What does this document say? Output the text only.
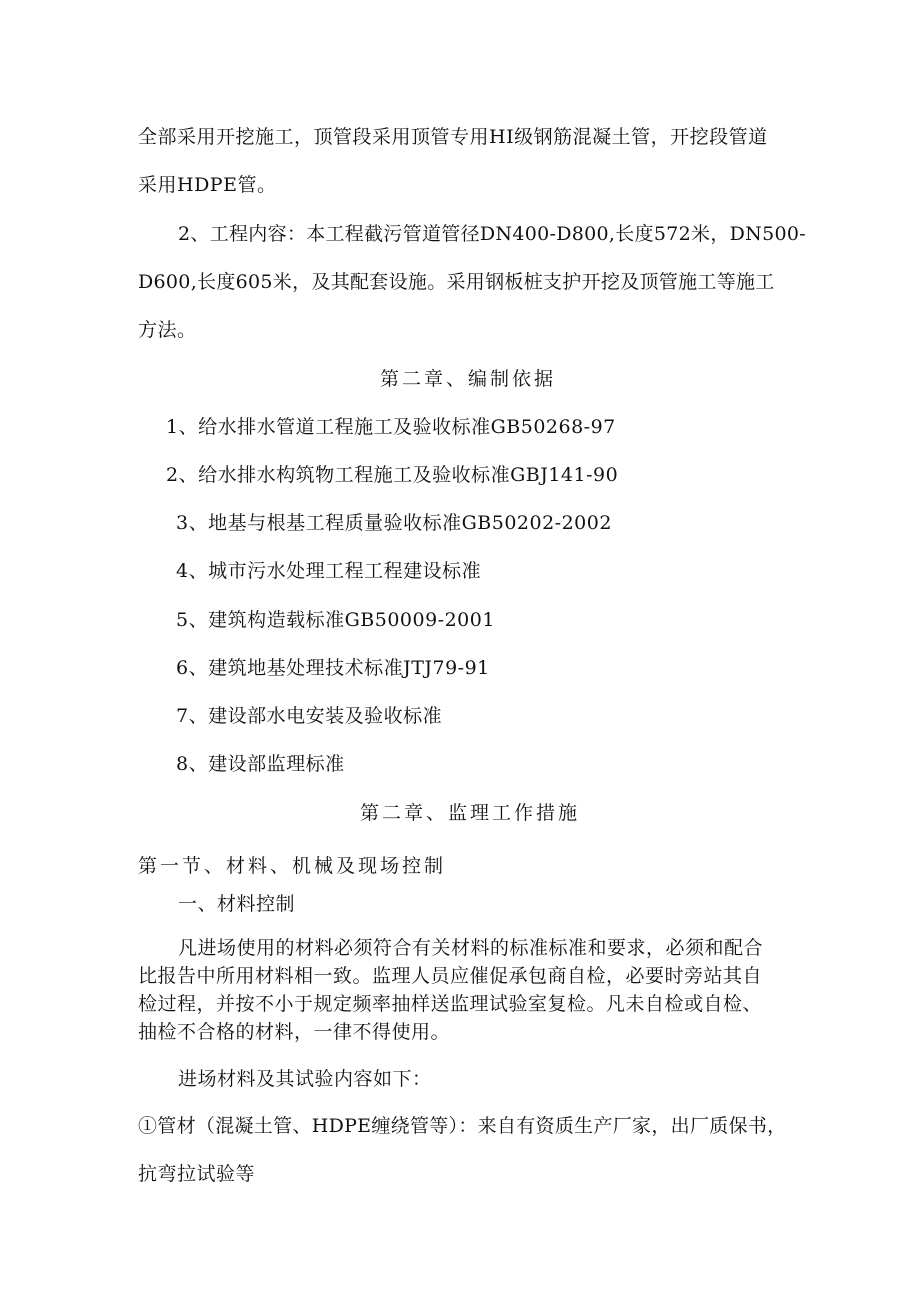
全部采用开挖施工，顶管段采用顶管专用HI级钢筋混凝土管，开挖段管道
采用HDPE管。
2、工程内容：本工程截污管道管径DN400-D800,长度572米，DN500-
D600,长度605米，及其配套设施。采用钢板桩支护开挖及顶管施工等施工
方法。
第二章、编制依据
1、给水排水管道工程施工及验收标准GB50268-97
2、给水排水构筑物工程施工及验收标准GBJ141-90
3、地基与根基工程质量验收标准GB50202-2002
4、城市污水处理工程工程建设标准
5、建筑构造载标准GB50009-2001
6、建筑地基处理技术标准JTJ79-91
7、建设部水电安装及验收标准
8、建设部监理标准
第二章、监理工作措施
第一节、材料、机械及现场控制
一、材料控制
凡进场使用的材料必须符合有关材料的标准标准和要求，必须和配合
比报告中所用材料相一致。监理人员应催促承包商自检，必要时旁站其自
检过程，并按不小于规定频率抽样送监理试验室复检。凡未自检或自检、
抽检不合格的材料，一律不得使用。
进场材料及其试验内容如下：
①管材（混凝土管、HDPE缠绕管等）：来自有资质生产厂家，出厂质保书，
抗弯拉试验等
